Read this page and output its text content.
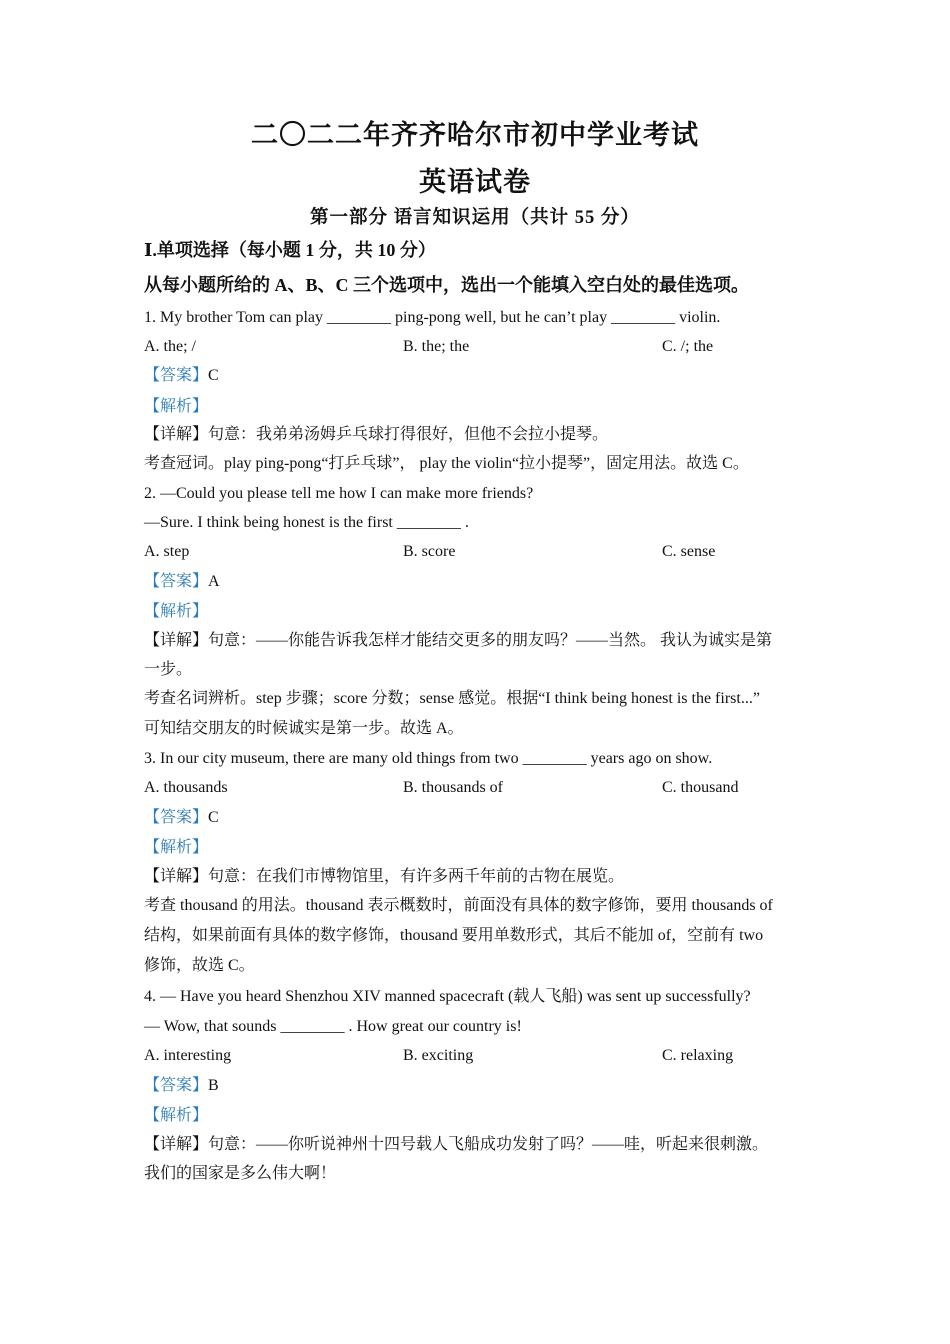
二〇二二年齐齐哈尔市初中学业考试
英语试卷
第一部分 语言知识运用（共计 55 分）
Ⅰ.单项选择（每小题 1 分，共 10 分）
从每小题所给的 A、B、C 三个选项中，选出一个能填入空白处的最佳选项。
1. My brother Tom can play ________ ping-pong well, but he can’t play ________ violin.
A. the; /	B. the; the	C. /; the
【答案】C
【解析】
【详解】句意：我弟弟汤姆乒乓球打得很好，但他不会拉小提琴。
考查冠词。play ping-pong“打乒乓球”， play the violin“拉小提琴”，固定用法。故选 C。
2. —Could you please tell me how I can make more friends?
—Sure. I think being honest is the first ________ .
A. step	B. score	C. sense
【答案】A
【解析】
【详解】句意：——你能告诉我怎样才能结交更多的朋友吗？——当然。 我认为诚实是第
一步。
考查名词辨析。step 步骤；score 分数；sense 感觉。根据“I think being honest is the first...”
可知结交朋友的时候诚实是第一步。故选 A。
3. In our city museum, there are many old things from two ________ years ago on show.
A. thousands	B. thousands of	C. thousand
【答案】C
【解析】
【详解】句意：在我们市博物馆里，有许多两千年前的古物在展览。
考查 thousand 的用法。thousand 表示概数时，前面没有具体的数字修饰，要用 thousands of
结构，如果前面有具体的数字修饰，thousand 要用单数形式，其后不能加 of，空前有 two
修饰，故选 C。
4. — Have you heard Shenzhou XIV manned spacecraft (载人飞船) was sent up successfully?
— Wow, that sounds ________ . How great our country is!
A. interesting	B. exciting	C. relaxing
【答案】B
【解析】
【详解】句意：——你听说神州十四号载人飞船成功发射了吗？——哇，听起来很刺激。
我们的国家是多么伟大啊！
